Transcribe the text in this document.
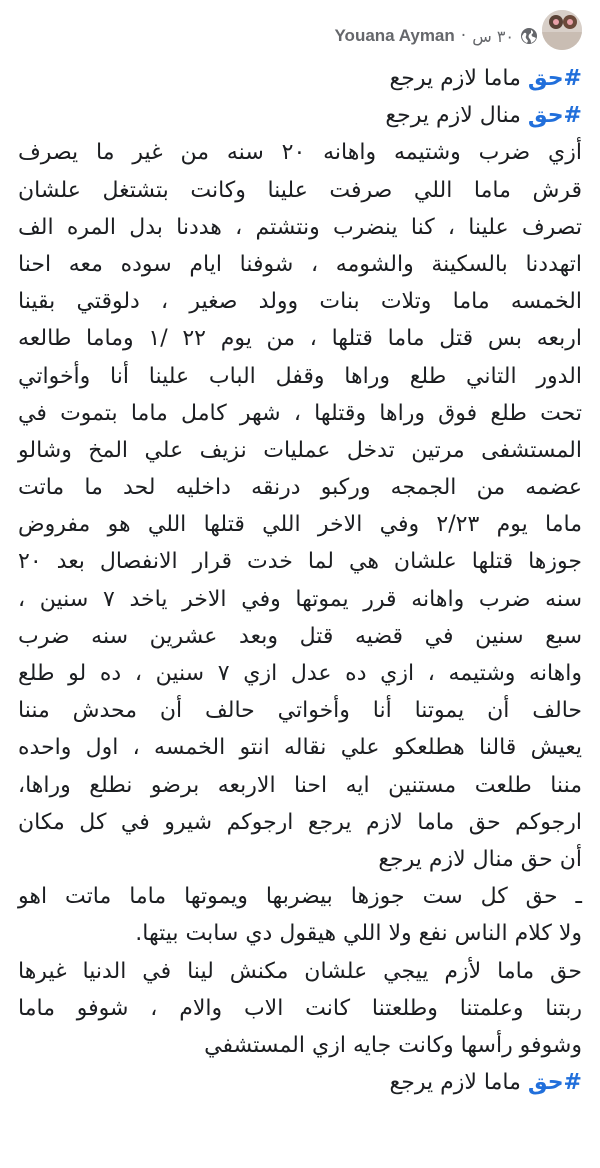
Youana Ayman · ٣٠ س
#حق ماما لازم يرجع
#حق منال لازم يرجع
أزي ضرب وشتيمه واهانه ٢٠ سنه من غير ما يصرف
قرش ماما اللي صرفت علينا وكانت بتشتغل علشان
تصرف علينا ، كنا ينضرب ونتشتم ، هددنا بدل المره الف
اتهددنا بالسكينة والشومه ، شوفنا ايام سوده معه احنا
الخمسه ماما وتلات بنات وولد صغير ، دلوقتي بقينا
اربعه بس قتل ماما قتلها ، من يوم ٢٢ /١ وماما طالعه
الدور التاني طلع وراها وقفل الباب علينا أنا وأخواتي
تحت طلع فوق وراها وقتلها ، شهر كامل ماما بتموت في
المستشفى مرتين تدخل عمليات نزيف علي المخ وشالو
عضمه من الجمجه وركبو درنقه داخليه لحد ما ماتت
ماما يوم ٢/٢٣ وفي الاخر اللي قتلها اللي هو مفروض
جوزها قتلها علشان هي لما خدت قرار الانفصال بعد ٢٠
سنه ضرب واهانه قرر يموتها وفي الاخر ياخد ٧ سنين ،
سبع سنين في قضيه قتل وبعد عشرين سنه ضرب
واهانه وشتيمه ، ازي ده عدل ازي ٧ سنين ، ده لو طلع
حالف أن يموتنا أنا وأخواتي حالف أن محدش مننا
يعيش قالنا هطلعكو علي نقاله انتو الخمسه ، اول واحده
مننا طلعت مستنين ايه احنا الاربعه برضو نطلع وراها،
ارجوكم حق ماما لازم يرجع ارجوكم شيرو في كل مكان
أن حق منال لازم يرجع
ـ حق كل ست جوزها بيضربها ويموتها ماما ماتت اهو
ولا كلام الناس نفع ولا اللي هيقول دي سابت بيتها.
حق ماما لأزم ييجي علشان مكنش لينا في الدنيا غيرها
ربتنا وعلمتنا وطلعتنا كانت الاب والام ، شوفو ماما
وشوفو رأسها وكانت جايه ازي المستشفي
#حق ماما لازم يرجع
